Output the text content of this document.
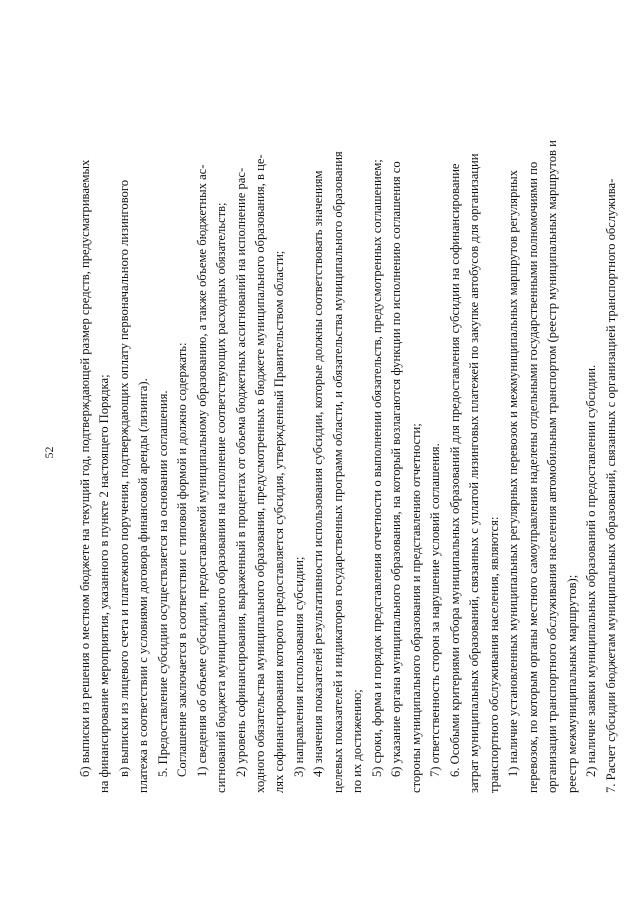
52 б) выписки из решения о местном бюджете на текущий год, подтверждающей размер средств, предусматриваемых на финансирование мероприятия, указанного в пункте 2 настоящего Порядка; в) выписки из лицевого счета и платежного поручения, подтверждающих оплату первоначального лизингового платежа в соответствии с условиями договора финансовой аренды (лизинга). 5. Предоставление субсидии осуществляется на основании соглашения. Соглашение заключается в соответствии с типовой формой и должно содержать: 1) сведения об объеме субсидии, предоставляемой муниципальному образованию, а также объеме бюджетных ас- сигнований бюджета муниципального образования на исполнение соответствующих расходных обязательств; 2) уровень софинансирования, выраженный в процентах от объема бюджетных ассигнований на исполнение рас- ходного обязательства муниципального образования, предусмотренных в бюджете муниципального образования, в це- лях софинансирования которого предоставляется субсидия, утвержденный Правительством области; 3) направления использования субсидии; 4) значения показателей результативности использования субсидии, которые должны соответствовать значениям целевых показателей и индикаторов государственных программ области, и обязательства муниципального образования по их достижению; 5) сроки, форма и порядок представления отчетности о выполнении обязательств, предусмотренных соглашением; 6) указание органа муниципального образования, на который возлагаются функции по исполнению соглашения со стороны муниципального образования и представлению отчетности; 7) ответственность сторон за нарушение условий соглашения. 6. Особыми критериями отбора муниципальных образований для предоставления субсидии на софинансирование затрат муниципальных образований, связанных с уплатой лизинговых платежей по закупке автобусов для организации транспортного обслуживания населения, являются: 1) наличие установленных муниципальных регулярных перевозок и межмуниципальных маршрутов регулярных перевозок, по которым органы местного самоуправления наделены отдельными государственными полномочиями по организации транспортного обслуживания населения автомобильным транспортом (реестр муниципальных маршрутов и реестр межмуниципальных маршрутов); 2) наличие заявки муниципальных образований о предоставлении субсидии. 7. Расчет субсидии бюджетам муниципальных образований, связанных с организацией транспортного обслужива-
